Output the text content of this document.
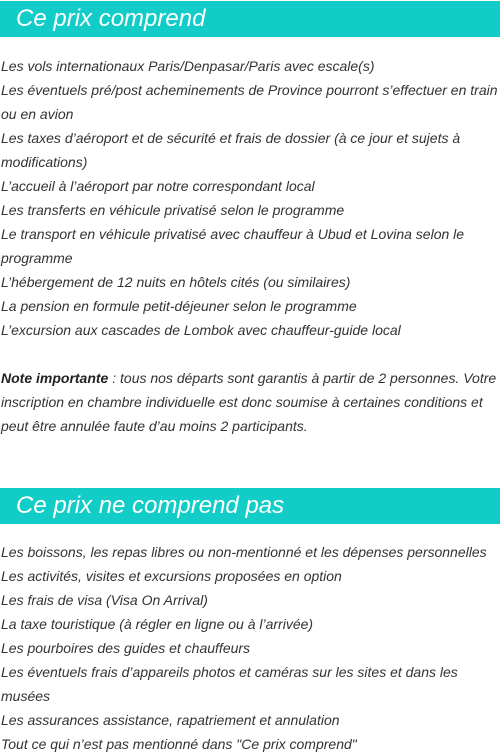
Ce prix comprend
Les vols internationaux Paris/Denpasar/Paris avec escale(s)
Les éventuels pré/post acheminements de Province pourront s’effectuer en train ou en avion
Les taxes d’aéroport et de sécurité et frais de dossier (à ce jour et sujets à modifications)
L’accueil à l’aéroport par notre correspondant local
Les transferts en véhicule privatisé selon le programme
Le transport en véhicule privatisé avec chauffeur à Ubud et Lovina selon le programme
L’hébergement de 12 nuits en hôtels cités (ou similaires)
La pension en formule petit-déjeuner selon le programme
L’excursion aux cascades de Lombok avec chauffeur-guide local

Note importante : tous nos départs sont garantis à partir de 2 personnes. Votre inscription en chambre individuelle est donc soumise à certaines conditions et peut être annulée faute d’au moins 2 participants.

Ce prix ne comprend pas
Les boissons, les repas libres ou non-mentionné et les dépenses personnelles
Les activités, visites et excursions proposées en option
Les frais de visa (Visa On Arrival)
La taxe touristique (à régler en ligne ou à l’arrivée)
Les pourboires des guides et chauffeurs
Les éventuels frais d’appareils photos et caméras sur les sites et dans les musées
Les assurances assistance, rapatriement et annulation
Tout ce qui n’est pas mentionné dans "Ce prix comprend"
